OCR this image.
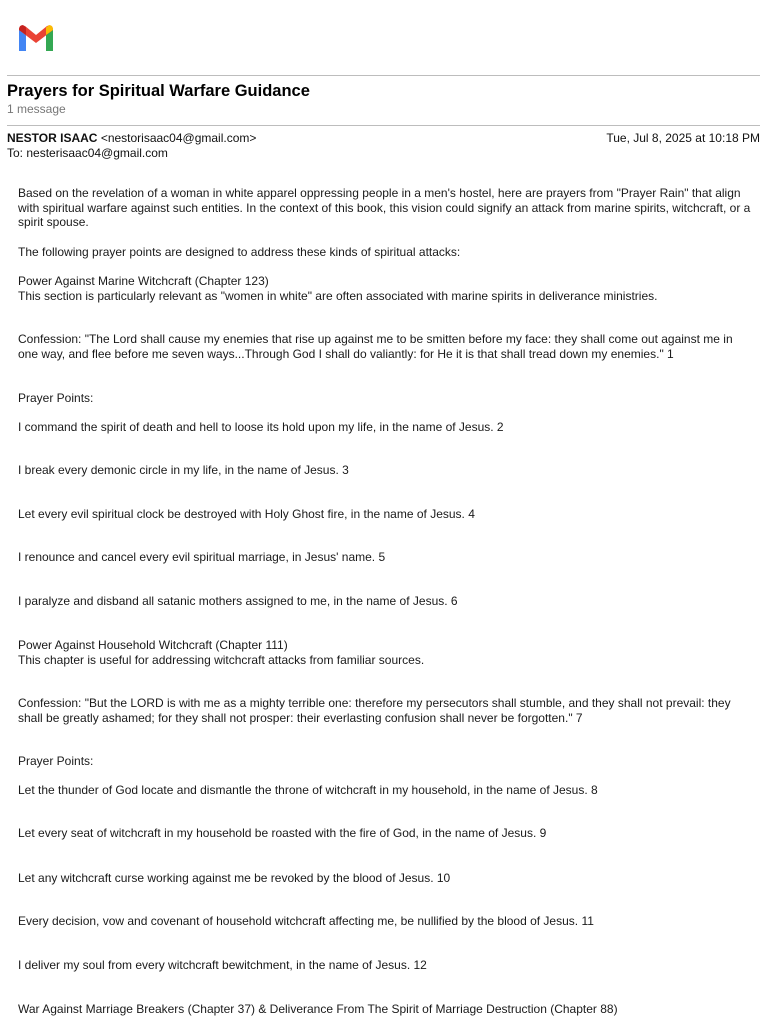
Prayers for Spiritual Warfare Guidance
1 message
NESTOR ISAAC <nestorisaac04@gmail.com>	Tue, Jul 8, 2025 at 10:18 PM
To: nesterisaac04@gmail.com

Based on the revelation of a woman in white apparel oppressing people in a men's hostel, here are prayers from "Prayer Rain" that align with spiritual warfare against such entities. In the context of this book, this vision could signify an attack from marine spirits, witchcraft, or a spirit spouse.

The following prayer points are designed to address these kinds of spiritual attacks:

Power Against Marine Witchcraft (Chapter 123)
This section is particularly relevant as "women in white" are often associated with marine spirits in deliverance ministries.

Confession: "The Lord shall cause my enemies that rise up against me to be smitten before my face: they shall come out against me in one way, and flee before me seven ways...Through God I shall do valiantly: for He it is that shall tread down my enemies." 1

Prayer Points:

I command the spirit of death and hell to loose its hold upon my life, in the name of Jesus. 2

I break every demonic circle in my life, in the name of Jesus. 3

Let every evil spiritual clock be destroyed with Holy Ghost fire, in the name of Jesus. 4

I renounce and cancel every evil spiritual marriage, in Jesus' name. 5

I paralyze and disband all satanic mothers assigned to me, in the name of Jesus. 6

Power Against Household Witchcraft (Chapter 111)
This chapter is useful for addressing witchcraft attacks from familiar sources.

Confession: "But the LORD is with me as a mighty terrible one: therefore my persecutors shall stumble, and they shall not prevail: they shall be greatly ashamed; for they shall not prosper: their everlasting confusion shall never be forgotten." 7

Prayer Points:

Let the thunder of God locate and dismantle the throne of witchcraft in my household, in the name of Jesus. 8

Let every seat of witchcraft in my household be roasted with the fire of God, in the name of Jesus. 9

Let any witchcraft curse working against me be revoked by the blood of Jesus. 10

Every decision, vow and covenant of household witchcraft affecting me, be nullified by the blood of Jesus. 11

I deliver my soul from every witchcraft bewitchment, in the name of Jesus. 12

War Against Marriage Breakers (Chapter 37) & Deliverance From The Spirit of Marriage Destruction (Chapter 88)
